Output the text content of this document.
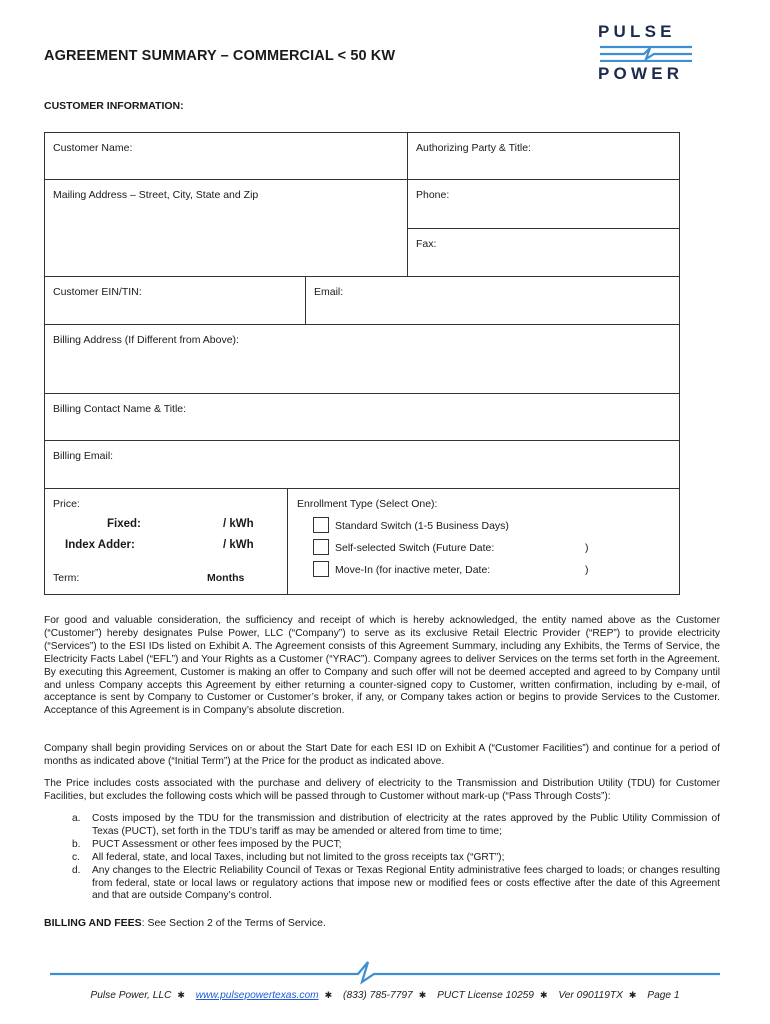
AGREEMENT SUMMARY – COMMERCIAL < 50 KW
PULSE
POWER
CUSTOMER INFORMATION:
Customer Name:	Authorizing Party & Title:
Mailing Address – Street, City, State and Zip	Phone:
Fax:
Customer EIN/TIN:	Email:
Billing Address (If Different from Above):
Billing Contact Name & Title:
Billing Email:
Price:
Fixed:	/ kWh
Index Adder:	/ kWh
Term:	Months
Enrollment Type (Select One):
Standard Switch (1-5 Business Days)
Self-selected Switch (Future Date:	)
Move-In (for inactive meter, Date:	)
For good and valuable consideration, the sufficiency and receipt of which is hereby acknowledged, the entity named above as the Customer (“Customer”) hereby designates Pulse Power, LLC (“Company”) to serve as its exclusive Retail Electric Provider (“REP”) to provide electricity (“Services”) to the ESI IDs listed on Exhibit A. The Agreement consists of this Agreement Summary, including any Exhibits, the Terms of Service, the Electricity Facts Label (“EFL”) and Your Rights as a Customer (“YRAC”). Company agrees to deliver Services on the terms set forth in the Agreement. By executing this Agreement, Customer is making an offer to Company and such offer will not be deemed accepted and agreed to by Company until and unless Company accepts this Agreement by either returning a counter-signed copy to Customer, written confirmation, including by e-mail, of acceptance is sent by Company to Customer or Customer’s broker, if any, or Company takes action or begins to provide Services to the Customer. Acceptance of this Agreement is in Company’s absolute discretion.
Company shall begin providing Services on or about the Start Date for each ESI ID on Exhibit A (“Customer Facilities”) and continue for a period of months as indicated above (“Initial Term”) at the Price for the product as indicated above.
The Price includes costs associated with the purchase and delivery of electricity to the Transmission and Distribution Utility (TDU) for Customer Facilities, but excludes the following costs which will be passed through to Customer without mark-up (“Pass Through Costs”):
a. Costs imposed by the TDU for the transmission and distribution of electricity at the rates approved by the Public Utility Commission of Texas (PUCT), set forth in the TDU’s tariff as may be amended or altered from time to time;
b. PUCT Assessment or other fees imposed by the PUCT;
c. All federal, state, and local Taxes, including but not limited to the gross receipts tax (“GRT”);
d. Any changes to the Electric Reliability Council of Texas or Texas Regional Entity administrative fees charged to loads; or changes resulting from federal, state or local laws or regulatory actions that impose new or modified fees or costs effective after the date of this Agreement and that are outside Company’s control.
BILLING AND FEES: See Section 2 of the Terms of Service.
Pulse Power, LLC ✱ www.pulsepowertexas.com ✱ (833) 785-7797 ✱ PUCT License 10259 ✱ Ver 090119TX ✱ Page 1
